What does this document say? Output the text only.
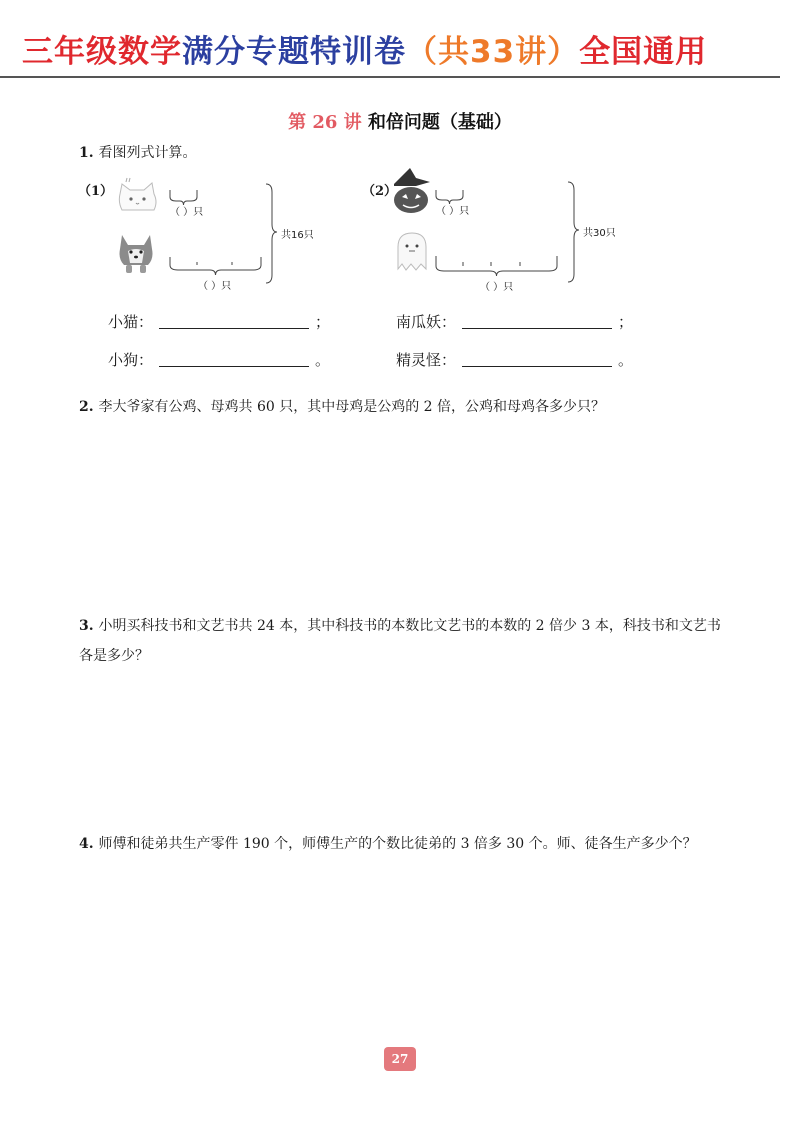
三年级数学满分专题特训卷（共33讲）全国通用
第 26 讲 和倍问题（基础）
1. 看图列式计算。
（1）
（ ）只
（ ）只
共16只
（2）
（ ）只
（ ）只
共30只
小猫：	；
小狗：	。
南瓜妖：	；
精灵怪：	。
2. 李大爷家有公鸡、母鸡共 60 只，其中母鸡是公鸡的 2 倍，公鸡和母鸡各多少只？
3. 小明买科技书和文艺书共 24 本，其中科技书的本数比文艺书的本数的 2 倍少 3 本，科技书和文艺书各是多少？
4. 师傅和徒弟共生产零件 190 个，师傅生产的个数比徒弟的 3 倍多 30 个。师、徒各生产多少个？
27
